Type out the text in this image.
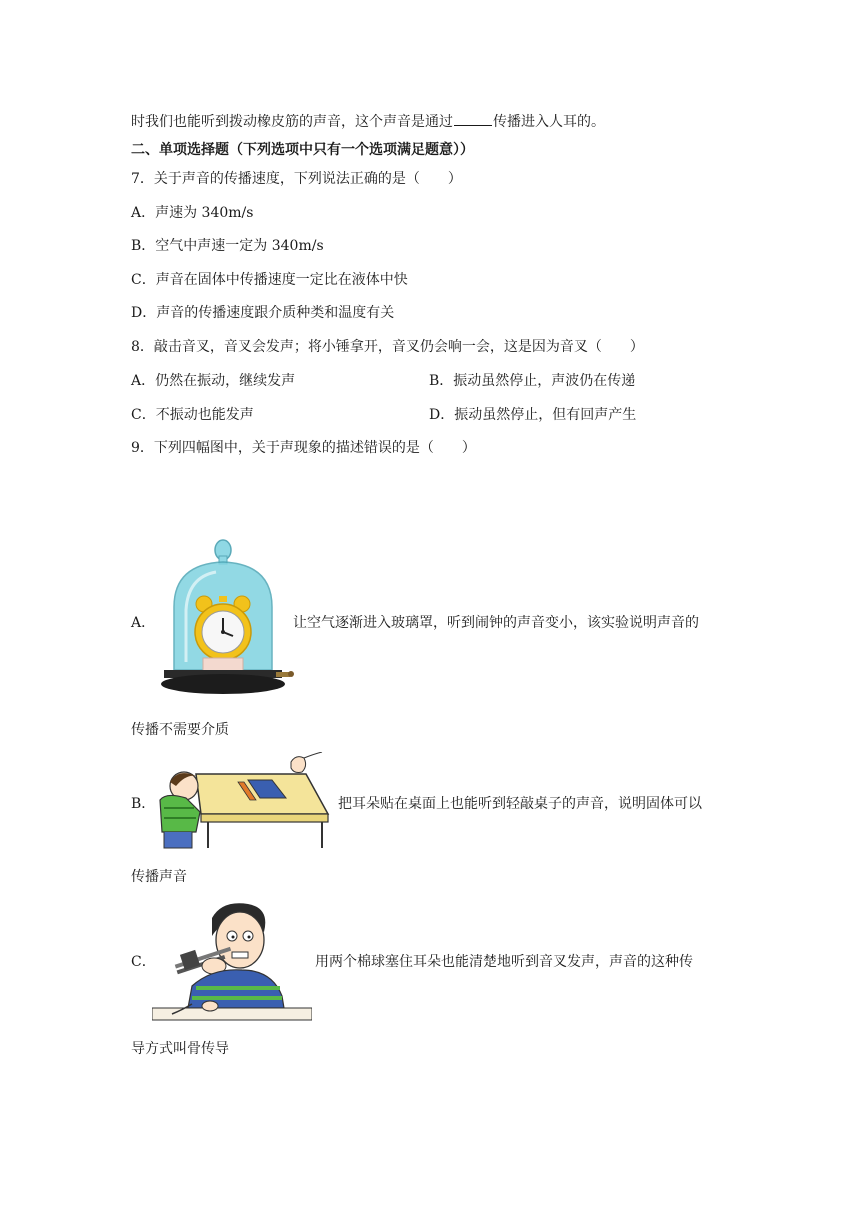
时我们也能听到拨动橡皮筋的声音，这个声音是通过	传播进入人耳的。
二、单项选择题（下列选项中只有一个选项满足题意））
7．关于声音的传播速度，下列说法正确的是（　　）
A．声速为 340m/s
B．空气中声速一定为 340m/s
C．声音在固体中传播速度一定比在液体中快
D．声音的传播速度跟介质种类和温度有关
8．敲击音叉，音叉会发声；将小锤拿开，音叉仍会响一会，这是因为音叉（　　）
A．仍然在振动，继续发声	B．振动虽然停止，声波仍在传递
C．不振动也能发声	D．振动虽然停止，但有回声产生
9．下列四幅图中，关于声现象的描述错误的是（　　）
A．	让空气逐渐进入玻璃罩，听到闹钟的声音变小，该实验说明声音的
传播不需要介质
B．	把耳朵贴在桌面上也能听到轻敲桌子的声音，说明固体可以
传播声音
C．	用两个棉球塞住耳朵也能清楚地听到音叉发声，声音的这种传
导方式叫骨传导
